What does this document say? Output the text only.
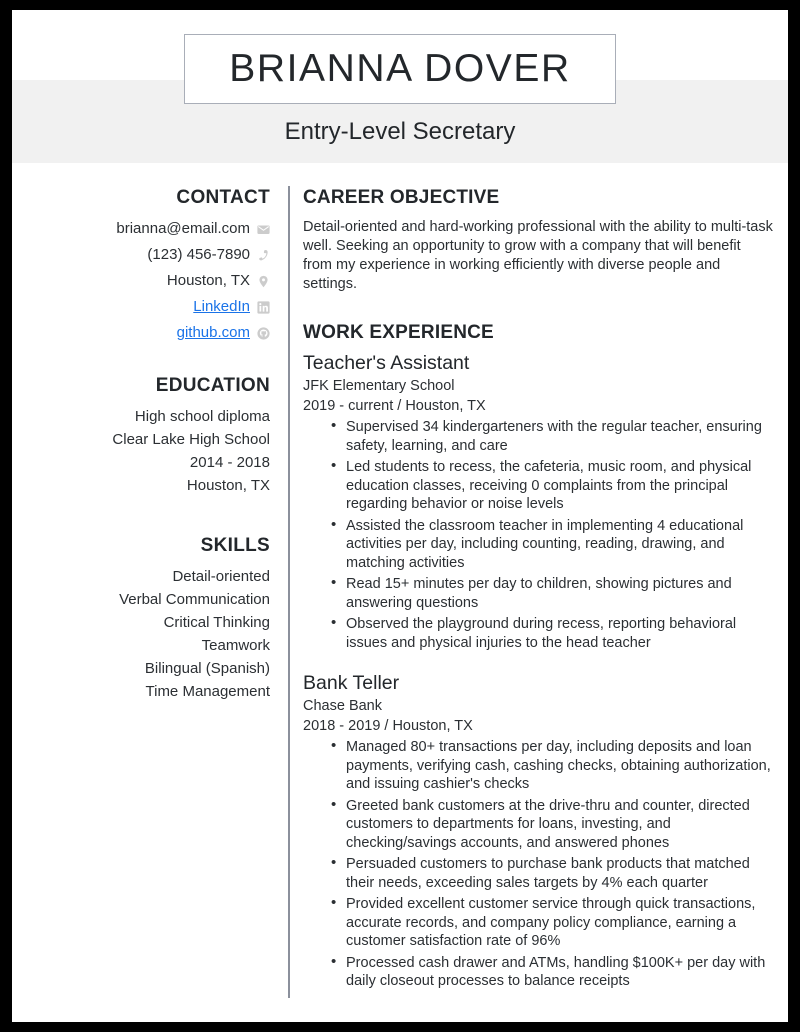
BRIANNA DOVER
Entry-Level Secretary
CONTACT
brianna@email.com
(123) 456-7890
Houston, TX
LinkedIn
github.com
EDUCATION
High school diploma
Clear Lake High School
2014 - 2018
Houston, TX
SKILLS
Detail-oriented
Verbal Communication
Critical Thinking
Teamwork
Bilingual (Spanish)
Time Management
CAREER OBJECTIVE
Detail-oriented and hard-working professional with the ability to multi-task well. Seeking an opportunity to grow with a company that will benefit from my experience in working efficiently with diverse people and settings.
WORK EXPERIENCE
Teacher's Assistant
JFK Elementary School
2019 - current / Houston, TX
• Supervised 34 kindergarteners with the regular teacher, ensuring safety, learning, and care
• Led students to recess, the cafeteria, music room, and physical education classes, receiving 0 complaints from the principal regarding behavior or noise levels
• Assisted the classroom teacher in implementing 4 educational activities per day, including counting, reading, drawing, and matching activities
• Read 15+ minutes per day to children, showing pictures and answering questions
• Observed the playground during recess, reporting behavioral issues and physical injuries to the head teacher
Bank Teller
Chase Bank
2018 - 2019 / Houston, TX
• Managed 80+ transactions per day, including deposits and loan payments, verifying cash, cashing checks, obtaining authorization, and issuing cashier's checks
• Greeted bank customers at the drive-thru and counter, directed customers to departments for loans, investing, and checking/savings accounts, and answered phones
• Persuaded customers to purchase bank products that matched their needs, exceeding sales targets by 4% each quarter
• Provided excellent customer service through quick transactions, accurate records, and company policy compliance, earning a customer satisfaction rate of 96%
• Processed cash drawer and ATMs, handling $100K+ per day with daily closeout processes to balance receipts
